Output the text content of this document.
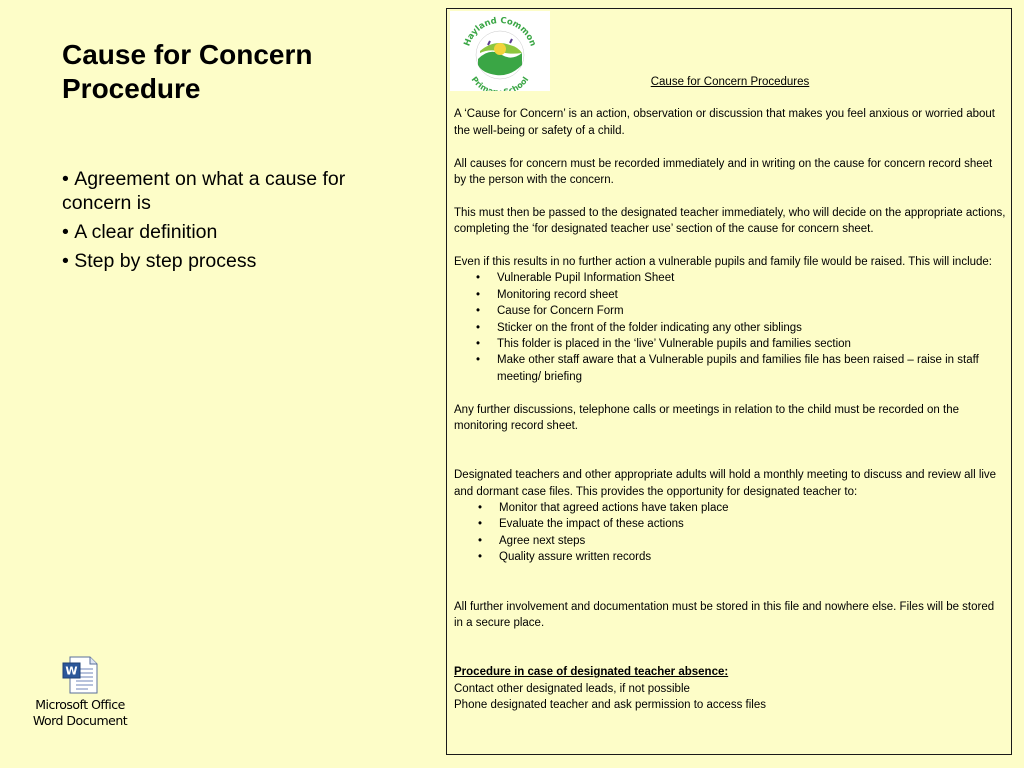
Cause for Concern Procedure
• Agreement on what a cause for concern is
• A clear definition
• Step by step process
W
Microsoft Office
Word Document
Hayland Common
Prim chool	Cause for Concern Procedures

A ‘Cause for Concern’ is an action, observation or discussion that makes you feel anxious or worried about the well-being or safety of a child.

All causes for concern must be recorded immediately and in writing on the cause for concern record sheet by the person with the concern.

This must then be passed to the designated teacher immediately, who will decide on the appropriate actions, completing the ‘for designated teacher use’ section of the cause for concern sheet.

Even if this results in no further action a vulnerable pupils and family file would be raised. This will include:

• Vulnerable Pupil Information Sheet
• Monitoring record sheet
• Cause for Concern Form
• Sticker on the front of the folder indicating any other siblings
• This folder is placed in the ‘live’ Vulnerable pupils and families section
• Make other staff aware that a Vulnerable pupils and families file has been raised – raise in staff meeting/ briefing

Any further discussions, telephone calls or meetings in relation to the child must be recorded on the monitoring record sheet.

Designated teachers and other appropriate adults will hold a monthly meeting to discuss and review all live and dormant case files. This provides the opportunity for designated teacher to:

• Monitor that agreed actions have taken place
• Evaluate the impact of these actions
• Agree next steps
• Quality assure written records

All further involvement and documentation must be stored in this file and nowhere else. Files will be stored in a secure place.

Procedure in case of designated teacher absence:

Contact other designated leads, if not possible

Phone designated teacher and ask permission to access files
